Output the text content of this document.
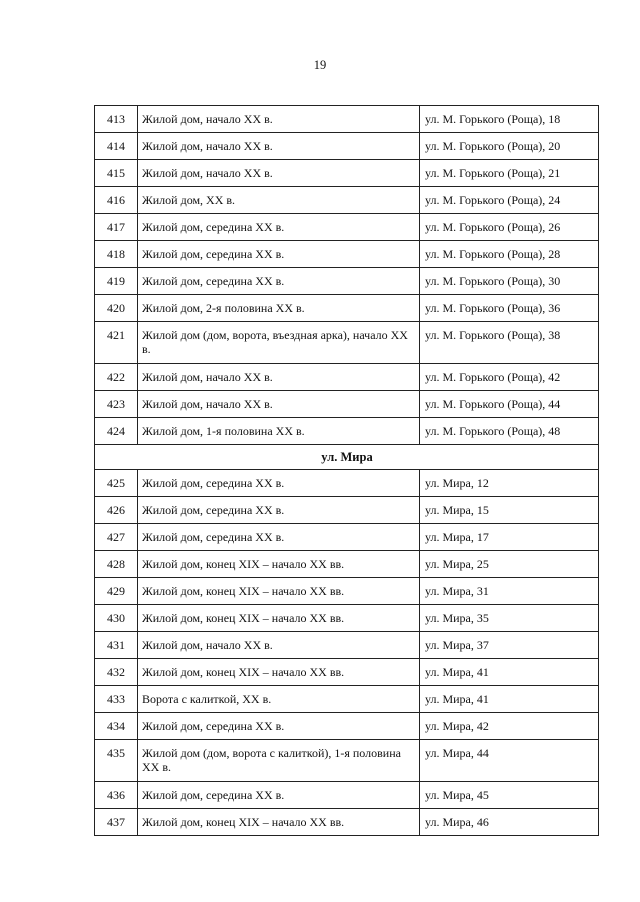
19
413	Жилой дом, начало XX в.	ул. М. Горького (Роща), 18
414	Жилой дом, начало XX в.	ул. М. Горького (Роща), 20
415	Жилой дом, начало XX в.	ул. М. Горького (Роща), 21
416	Жилой дом, XX в.	ул. М. Горького (Роща), 24
417	Жилой дом, середина XX в.	ул. М. Горького (Роща), 26
418	Жилой дом, середина XX в.	ул. М. Горького (Роща), 28
419	Жилой дом, середина XX в.	ул. М. Горького (Роща), 30
420	Жилой дом, 2-я половина XX в.	ул. М. Горького (Роща), 36
421	Жилой дом (дом, ворота, въездная арка), начало XX в.	ул. М. Горького (Роща), 38
422	Жилой дом, начало XX в.	ул. М. Горького (Роща), 42
423	Жилой дом, начало XX в.	ул. М. Горького (Роща), 44
424	Жилой дом, 1-я половина XX в.	ул. М. Горького (Роща), 48
ул. Мира		
425	Жилой дом, середина XX в.	ул. Мира, 12
426	Жилой дом, середина XX в.	ул. Мира, 15
427	Жилой дом, середина XX в.	ул. Мира, 17
428	Жилой дом, конец XIX – начало XX вв.	ул. Мира, 25
429	Жилой дом, конец XIX – начало XX вв.	ул. Мира, 31
430	Жилой дом, конец XIX – начало XX вв.	ул. Мира, 35
431	Жилой дом, начало XX в.	ул. Мира, 37
432	Жилой дом, конец XIX – начало XX вв.	ул. Мира, 41
433	Ворота с калиткой, XX в.	ул. Мира, 41
434	Жилой дом, середина XX в.	ул. Мира, 42
435	Жилой дом (дом, ворота с калиткой), 1-я половина XX в.	ул. Мира, 44
436	Жилой дом, середина XX в.	ул. Мира, 45
437	Жилой дом, конец XIX – начало XX вв.	ул. Мира, 46
